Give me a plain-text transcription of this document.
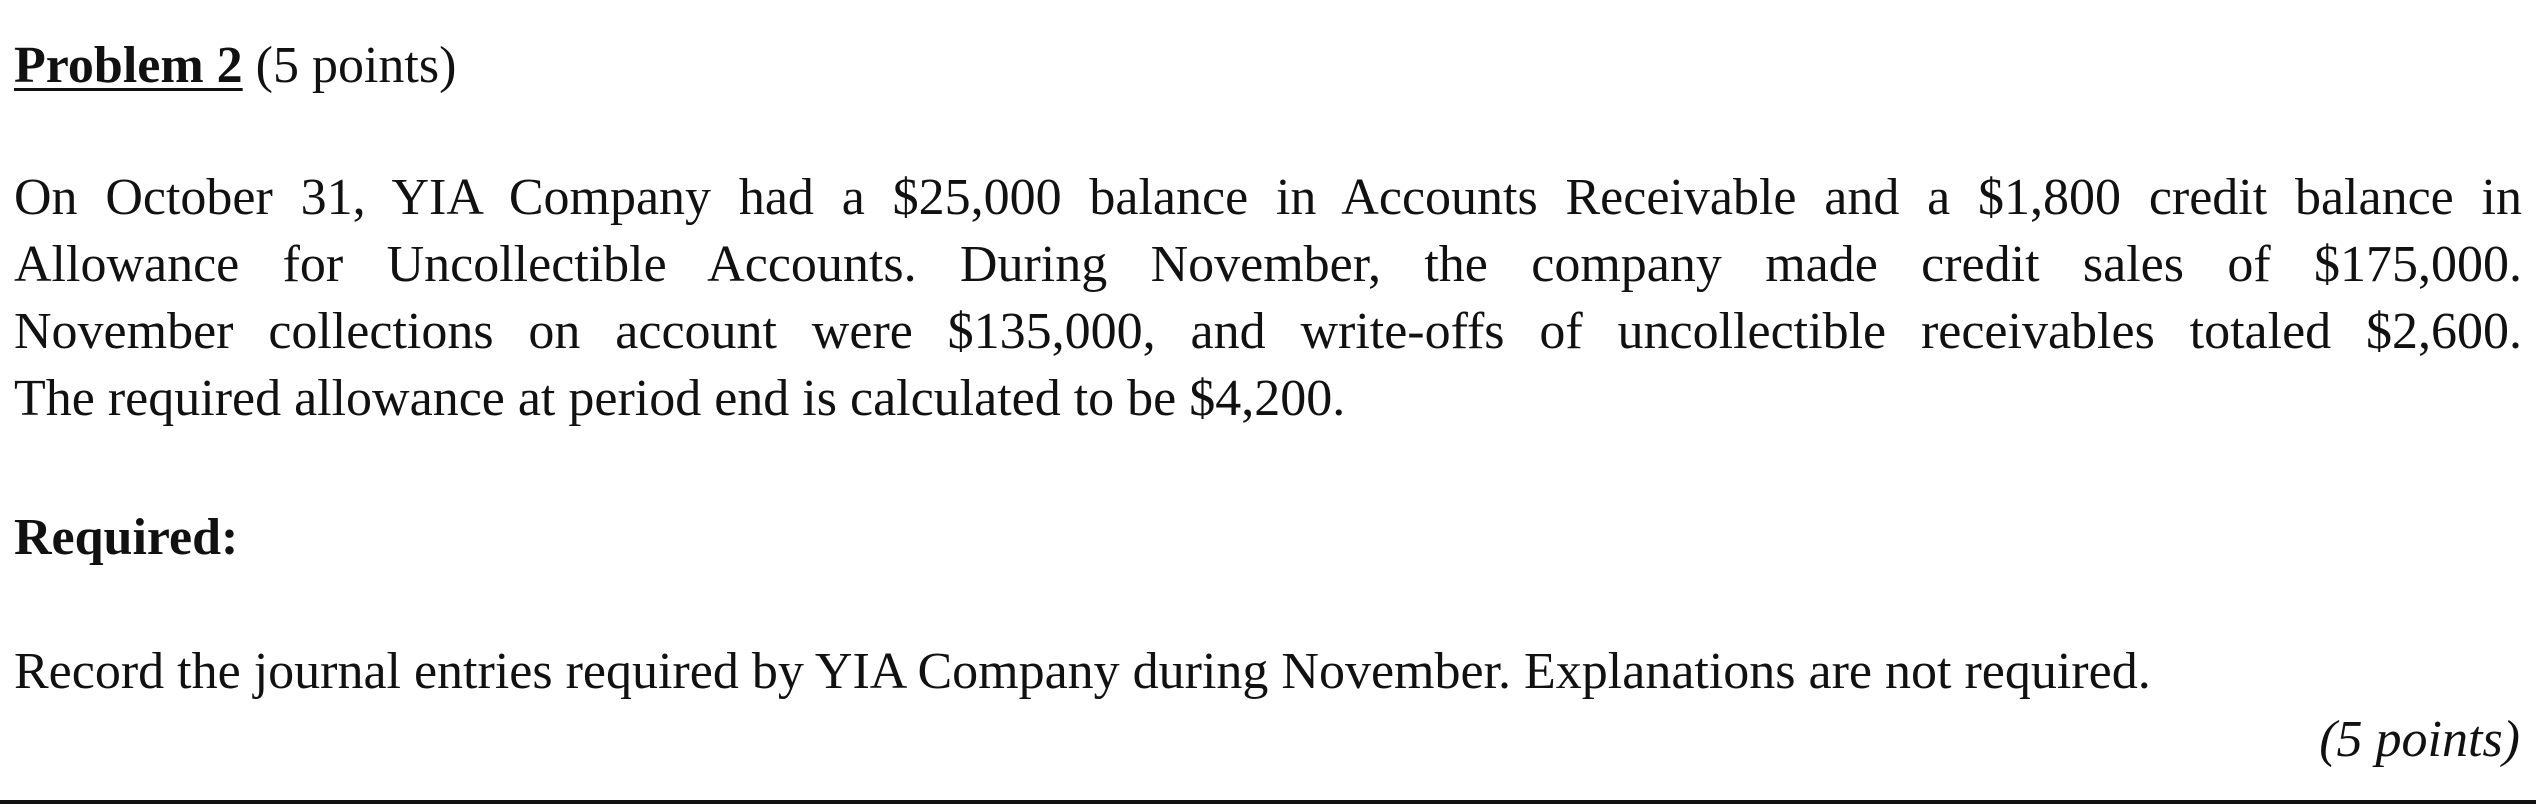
Problem 2 (5 points)
On October 31, YIA Company had a $25,000 balance in Accounts Receivable and a $1,800 credit balance in
Allowance for Uncollectible Accounts. During November, the company made credit sales of $175,000.
November collections on account were $135,000, and write-offs of uncollectible receivables totaled $2,600.
The required allowance at period end is calculated to be $4,200.
Required:
Record the journal entries required by YIA Company during November. Explanations are not required.
(5 points)
